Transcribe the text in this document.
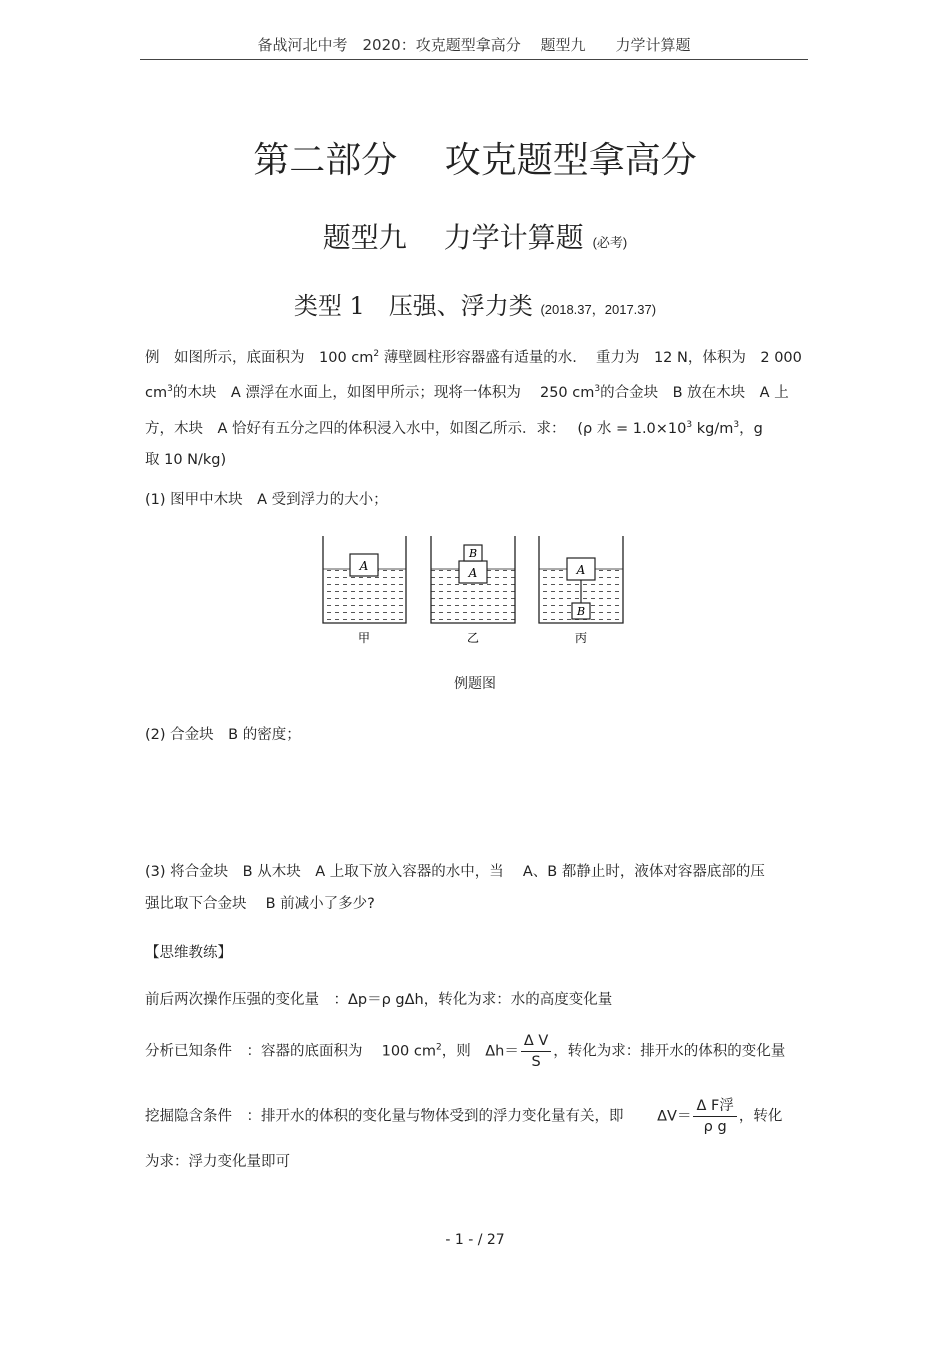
备战河北中考　2020：攻克题型拿高分　 题型九　　力学计算题
第二部分　 攻克题型拿高分
题型九　 力学计算题 (必考)
类型 1　压强、浮力类 (2018.37，2017.37)
例　如图所示，底面积为　100 $cm^2$ 薄壁圆柱形容器盛有适量的水.　 重力为　12 N，体积为　2 000
$cm^3$的木块　A 漂浮在水面上，如图甲所示；现将一体积为　 250 $cm^3$的合金块　B 放在木块　A 上
方，木块　A 恰好有五分之四的体积浸入水中，如图乙所示．求：　 (ρ 水 = $1.0\times 10^3$ $kg/m^3$，g
取 10 N/kg)
(1) 图甲中木块　A 受到浮力的大小；
A	A
B
A
B
甲	乙	丙
例题图
(2) 合金块　B 的密度；
(3) 将合金块　B 从木块　A 上取下放入容器的水中，当　 A、B 都静止时，液体对容器底部的压
强比取下合金块　 B 前减小了多少?
【思维教练】
前后两次操作压强的变化量　：Δp＝ρ gΔh，转化为求：水的高度变化量
分析已知条件　：容器的底面积为　 100 $cm^2$，则　$\Delta h= \frac{\text{Δ V}}{S}$ ，转化为求：排开水的体积的变化量
挖掘隐含条件　：排开水的体积的变化量与物体受到的浮力变化量有关，即　　 $\Delta V= \frac{\text{Δ F浮}}{\text{ρ g}}$ ，转化
为求：浮力变化量即可
- 1 - / 27
